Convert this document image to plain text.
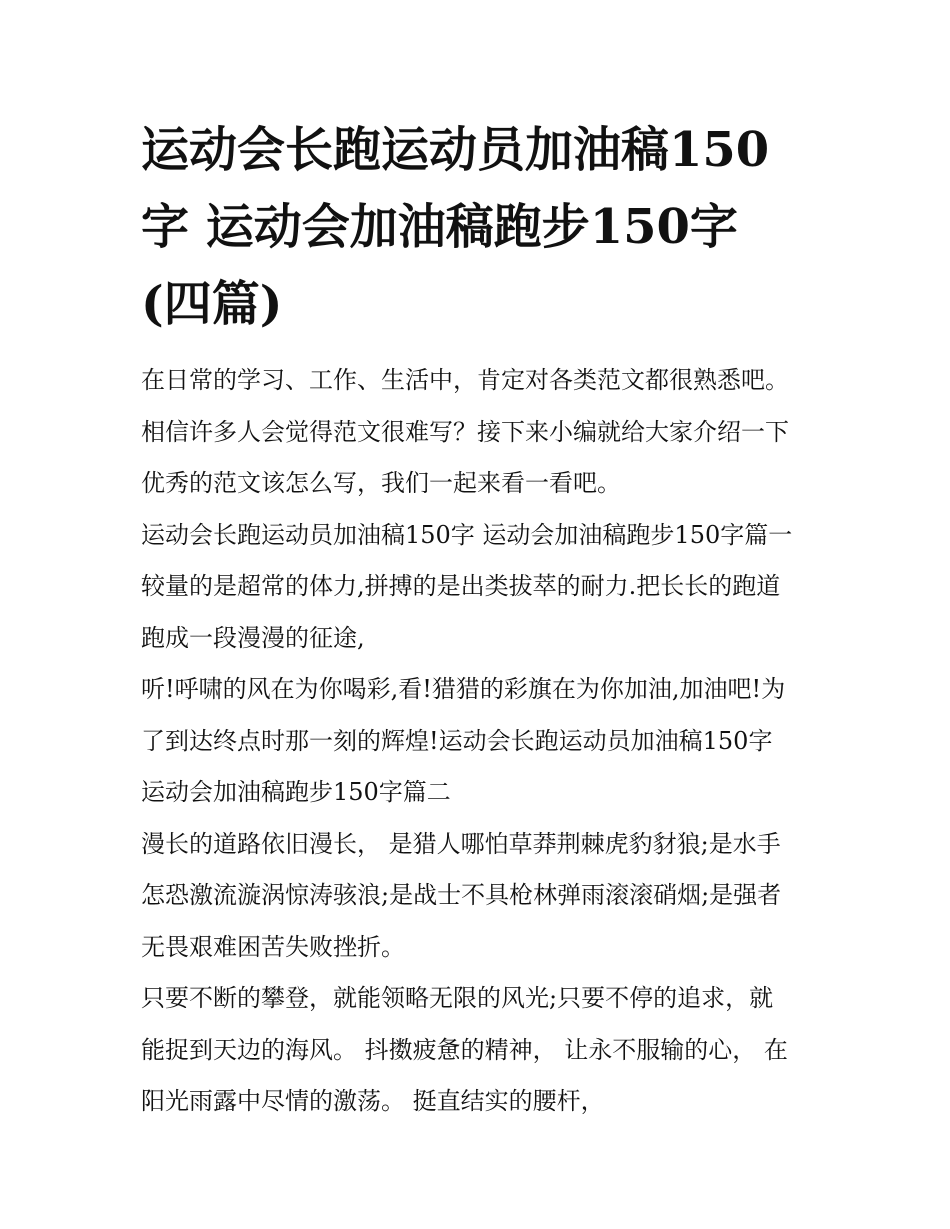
运动会长跑运动员加油稿150
字 运动会加油稿跑步150字
(四篇)
在日常的学习、工作、生活中，肯定对各类范文都很熟悉吧。
相信许多人会觉得范文很难写？接下来小编就给大家介绍一下
优秀的范文该怎么写，我们一起来看一看吧。
运动会长跑运动员加油稿150字 运动会加油稿跑步150字篇一
较量的是超常的体力,拼搏的是出类拔萃的耐力.把长长的跑道
跑成一段漫漫的征途,
听!呼啸的风在为你喝彩,看!猎猎的彩旗在为你加油,加油吧!为
了到达终点时那一刻的辉煌!运动会长跑运动员加油稿150字
运动会加油稿跑步150字篇二
漫长的道路依旧漫长， 是猎人哪怕草莽荆棘虎豹豺狼;是水手
怎恐激流漩涡惊涛骇浪;是战士不具枪林弹雨滚滚硝烟;是强者
无畏艰难困苦失败挫折。
只要不断的攀登，就能领略无限的风光;只要不停的追求，就
能捉到天边的海风。 抖擞疲惫的精神， 让永不服输的心， 在
阳光雨露中尽情的激荡。 挺直结实的腰杆，
